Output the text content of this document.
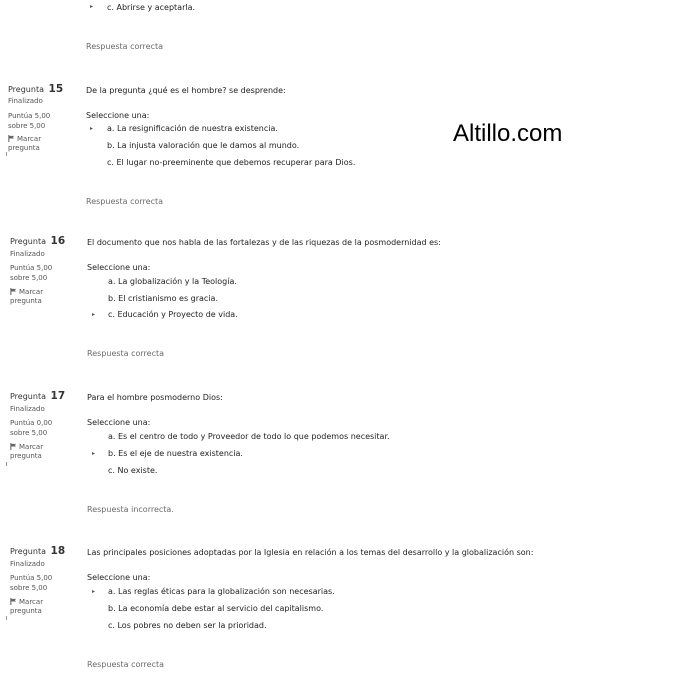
Altillo.com
▸ c. Abrirse y aceptarla.
Respuesta correcta
Pregunta 15
Finalizado
Puntúa 5,00
sobre 5,00
Marcar
pregunta
De la pregunta ¿qué es el hombre? se desprende:
Seleccione una:
▸ a. La resignificación de nuestra existencia.
b. La injusta valoración que le damos al mundo.
c. El lugar no-preeminente que debemos recuperar para Dios.
Respuesta correcta
Pregunta 16
Finalizado
Puntúa 5,00
sobre 5,00
Marcar
pregunta
El documento que nos habla de las fortalezas y de las riquezas de la posmodernidad es:
Seleccione una:
a. La globalización y la Teología.
b. El cristianismo es gracia.
▸ c. Educación y Proyecto de vida.
Respuesta correcta
Pregunta 17
Finalizado
Puntúa 0,00
sobre 5,00
Marcar
pregunta
Para el hombre posmoderno Dios:
Seleccione una:
a. Es el centro de todo y Proveedor de todo lo que podemos necesitar.
▸ b. Es el eje de nuestra existencia.
c. No existe.
Respuesta incorrecta.
Pregunta 18
Finalizado
Puntúa 5,00
sobre 5,00
Marcar
pregunta
Las principales posiciones adoptadas por la Iglesia en relación a los temas del desarrollo y la globalización son:
Seleccione una:
▸ a. Las reglas éticas para la globalización son necesarias.
b. La economía debe estar al servicio del capitalismo.
c. Los pobres no deben ser la prioridad.
Respuesta correcta
